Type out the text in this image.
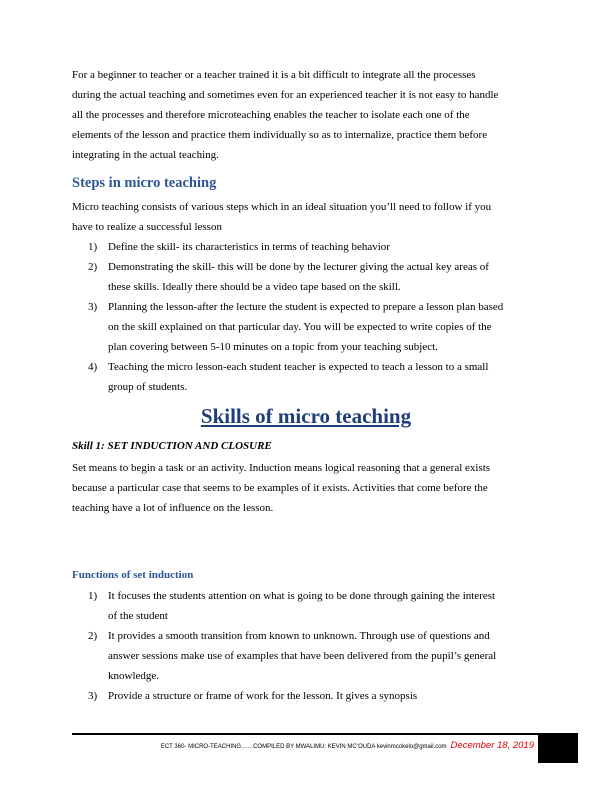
For a beginner to teacher or a teacher trained it is a bit difficult to integrate all the processes
during the actual teaching and sometimes even for an experienced teacher it is not easy to handle
all the processes and therefore microteaching enables the teacher to isolate each one of the
elements of the lesson and practice them individually so as to internalize, practice them before
integrating in the actual teaching.
Steps in micro teaching
Micro teaching consists of various steps which in an ideal situation you’ll need to follow if you
have to realize a successful lesson
1) Define the skill- its characteristics in terms of teaching behavior
2) Demonstrating the skill- this will be done by the lecturer giving the actual key areas of
these skills. Ideally there should be a video tape based on the skill.
3) Planning the lesson-after the lecture the student is expected to prepare a lesson plan based
on the skill explained on that particular day. You will be expected to write copies of the
plan covering between 5-10 minutes on a topic from your teaching subject.
4) Teaching the micro lesson-each student teacher is expected to teach a lesson to a small
group of students.
Skills of micro teaching
Skill 1: SET INDUCTION AND CLOSURE
Set means to begin a task or an activity. Induction means logical reasoning that a general exists
because a particular case that seems to be examples of it exists. Activities that come before the
teaching have a lot of influence on the lesson.
Functions of set induction
1) It focuses the students attention on what is going to be done through gaining the interest
of the student
2) It provides a smooth transition from known to unknown. Through use of questions and
answer sessions make use of examples that have been delivered from the pupil’s general
knowledge.
3) Provide a structure or frame of work for the lesson. It gives a synopsis
ECT 360- MICRO-TEACHING……COMPILED BY MWALIMU: KEVIN MC’OUDA kevinmcokelo@gmail.com December 18, 2019
